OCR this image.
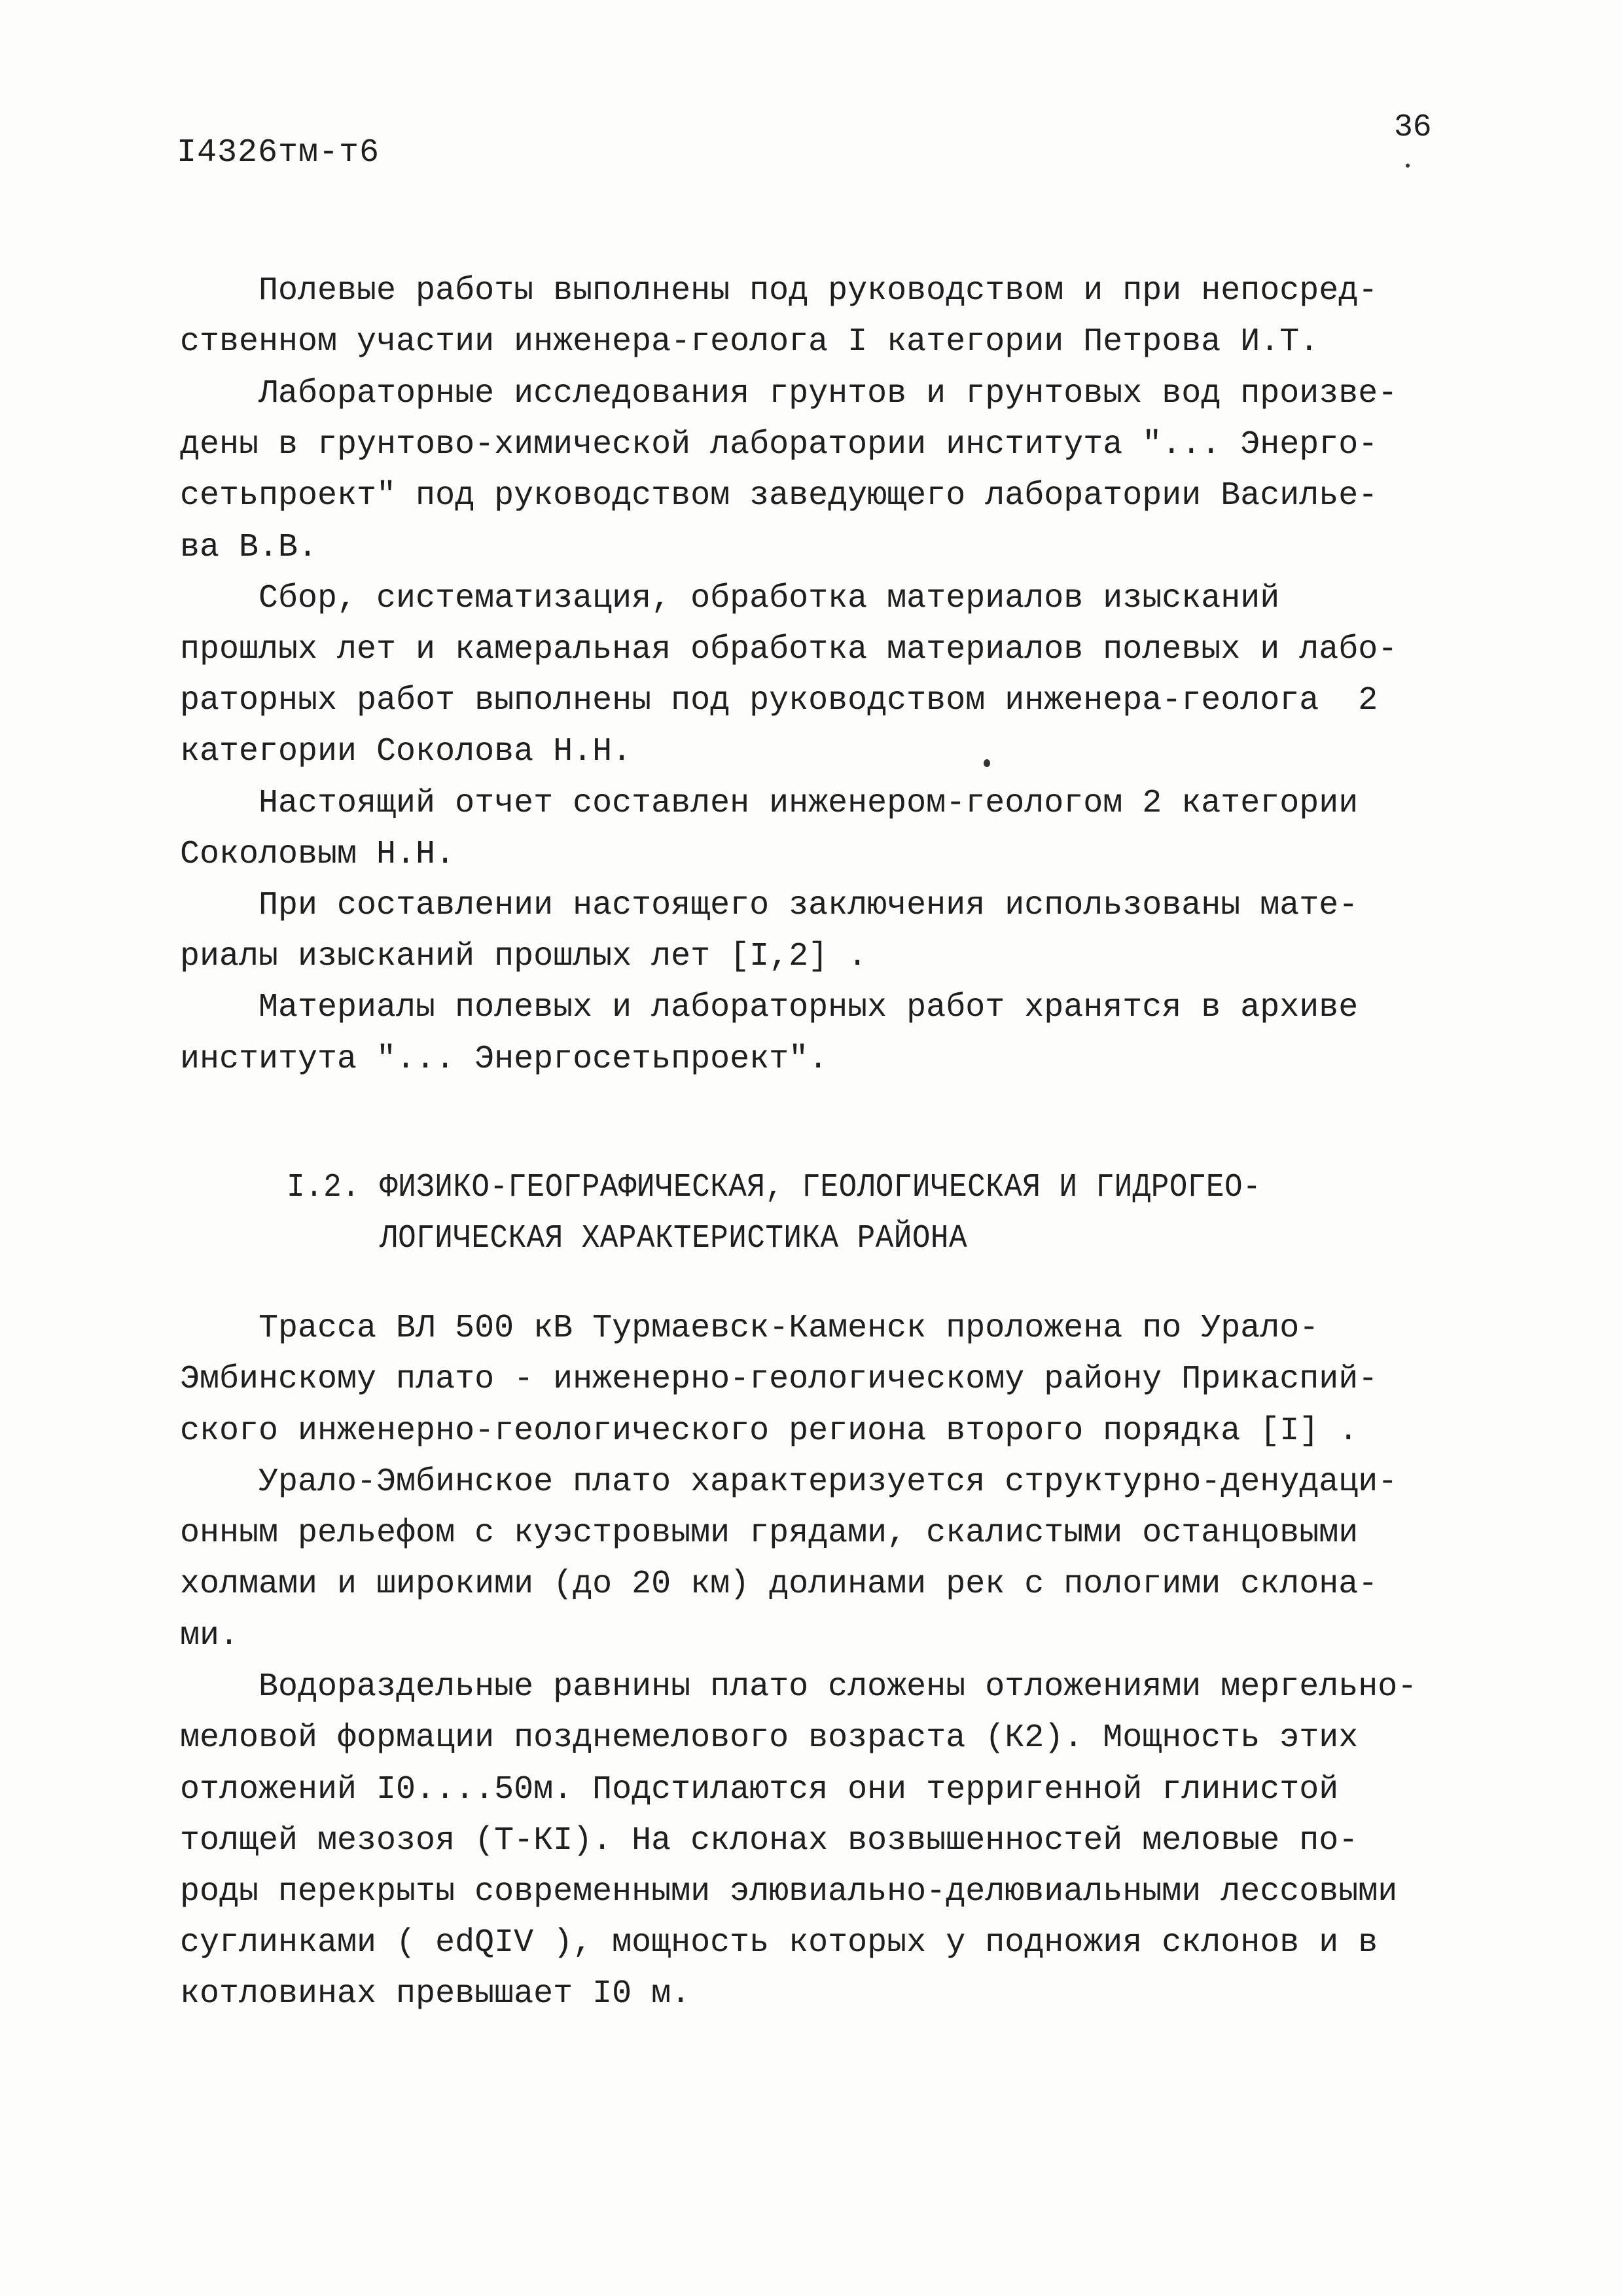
I4326тм-т6
36
Полевые работы выполнены под руководством и при непосред-
ственном участии инженера-геолога I категории Петрова И.Т.
Лабораторные исследования грунтов и грунтовых вод произве-
дены в грунтово-химической лаборатории института "... Энерго-
сетьпроект" под руководством заведующего лаборатории Василье-
ва В.В.
Сбор, систематизация, обработка материалов изысканий
прошлых лет и камеральная обработка материалов полевых и лабо-
раторных работ выполнены под руководством инженера-геолога  2
категории Соколова Н.Н.
Настоящий отчет составлен инженером-геологом 2 категории
Соколовым Н.Н.
При составлении настоящего заключения использованы мате-
риалы изысканий прошлых лет [I,2] .
Материалы полевых и лабораторных работ хранятся в архиве
института "... Энергосетьпроект".
I.2. ФИЗИКО-ГЕОГРАФИЧЕСКАЯ, ГЕОЛОГИЧЕСКАЯ И ГИДРОГЕО-
ЛОГИЧЕСКАЯ ХАРАКТЕРИСТИКА РАЙОНА
Трасса ВЛ 500 кВ Турмаевск-Каменск проложена по Урало-
Эмбинскому плато - инженерно-геологическому району Прикаспий-
ского инженерно-геологического региона второго порядка [I] .
Урало-Эмбинское плато характеризуется структурно-денудаци-
онным рельефом с куэстровыми грядами, скалистыми останцовыми
холмами и широкими (до 20 км) долинами рек с пологими склона-
ми.
Водораздельные равнины плато сложены отложениями мергельно-
меловой формации позднемелового возраста (К2). Мощность этих
отложений I0....50м. Подстилаются они терригенной глинистой
толщей мезозоя (Т-КI). На склонах возвышенностей меловые по-
роды перекрыты современными элювиально-делювиальными лессовыми
суглинками ( edQIV ), мощность которых у подножия склонов и в
котловинах превышает I0 м.
